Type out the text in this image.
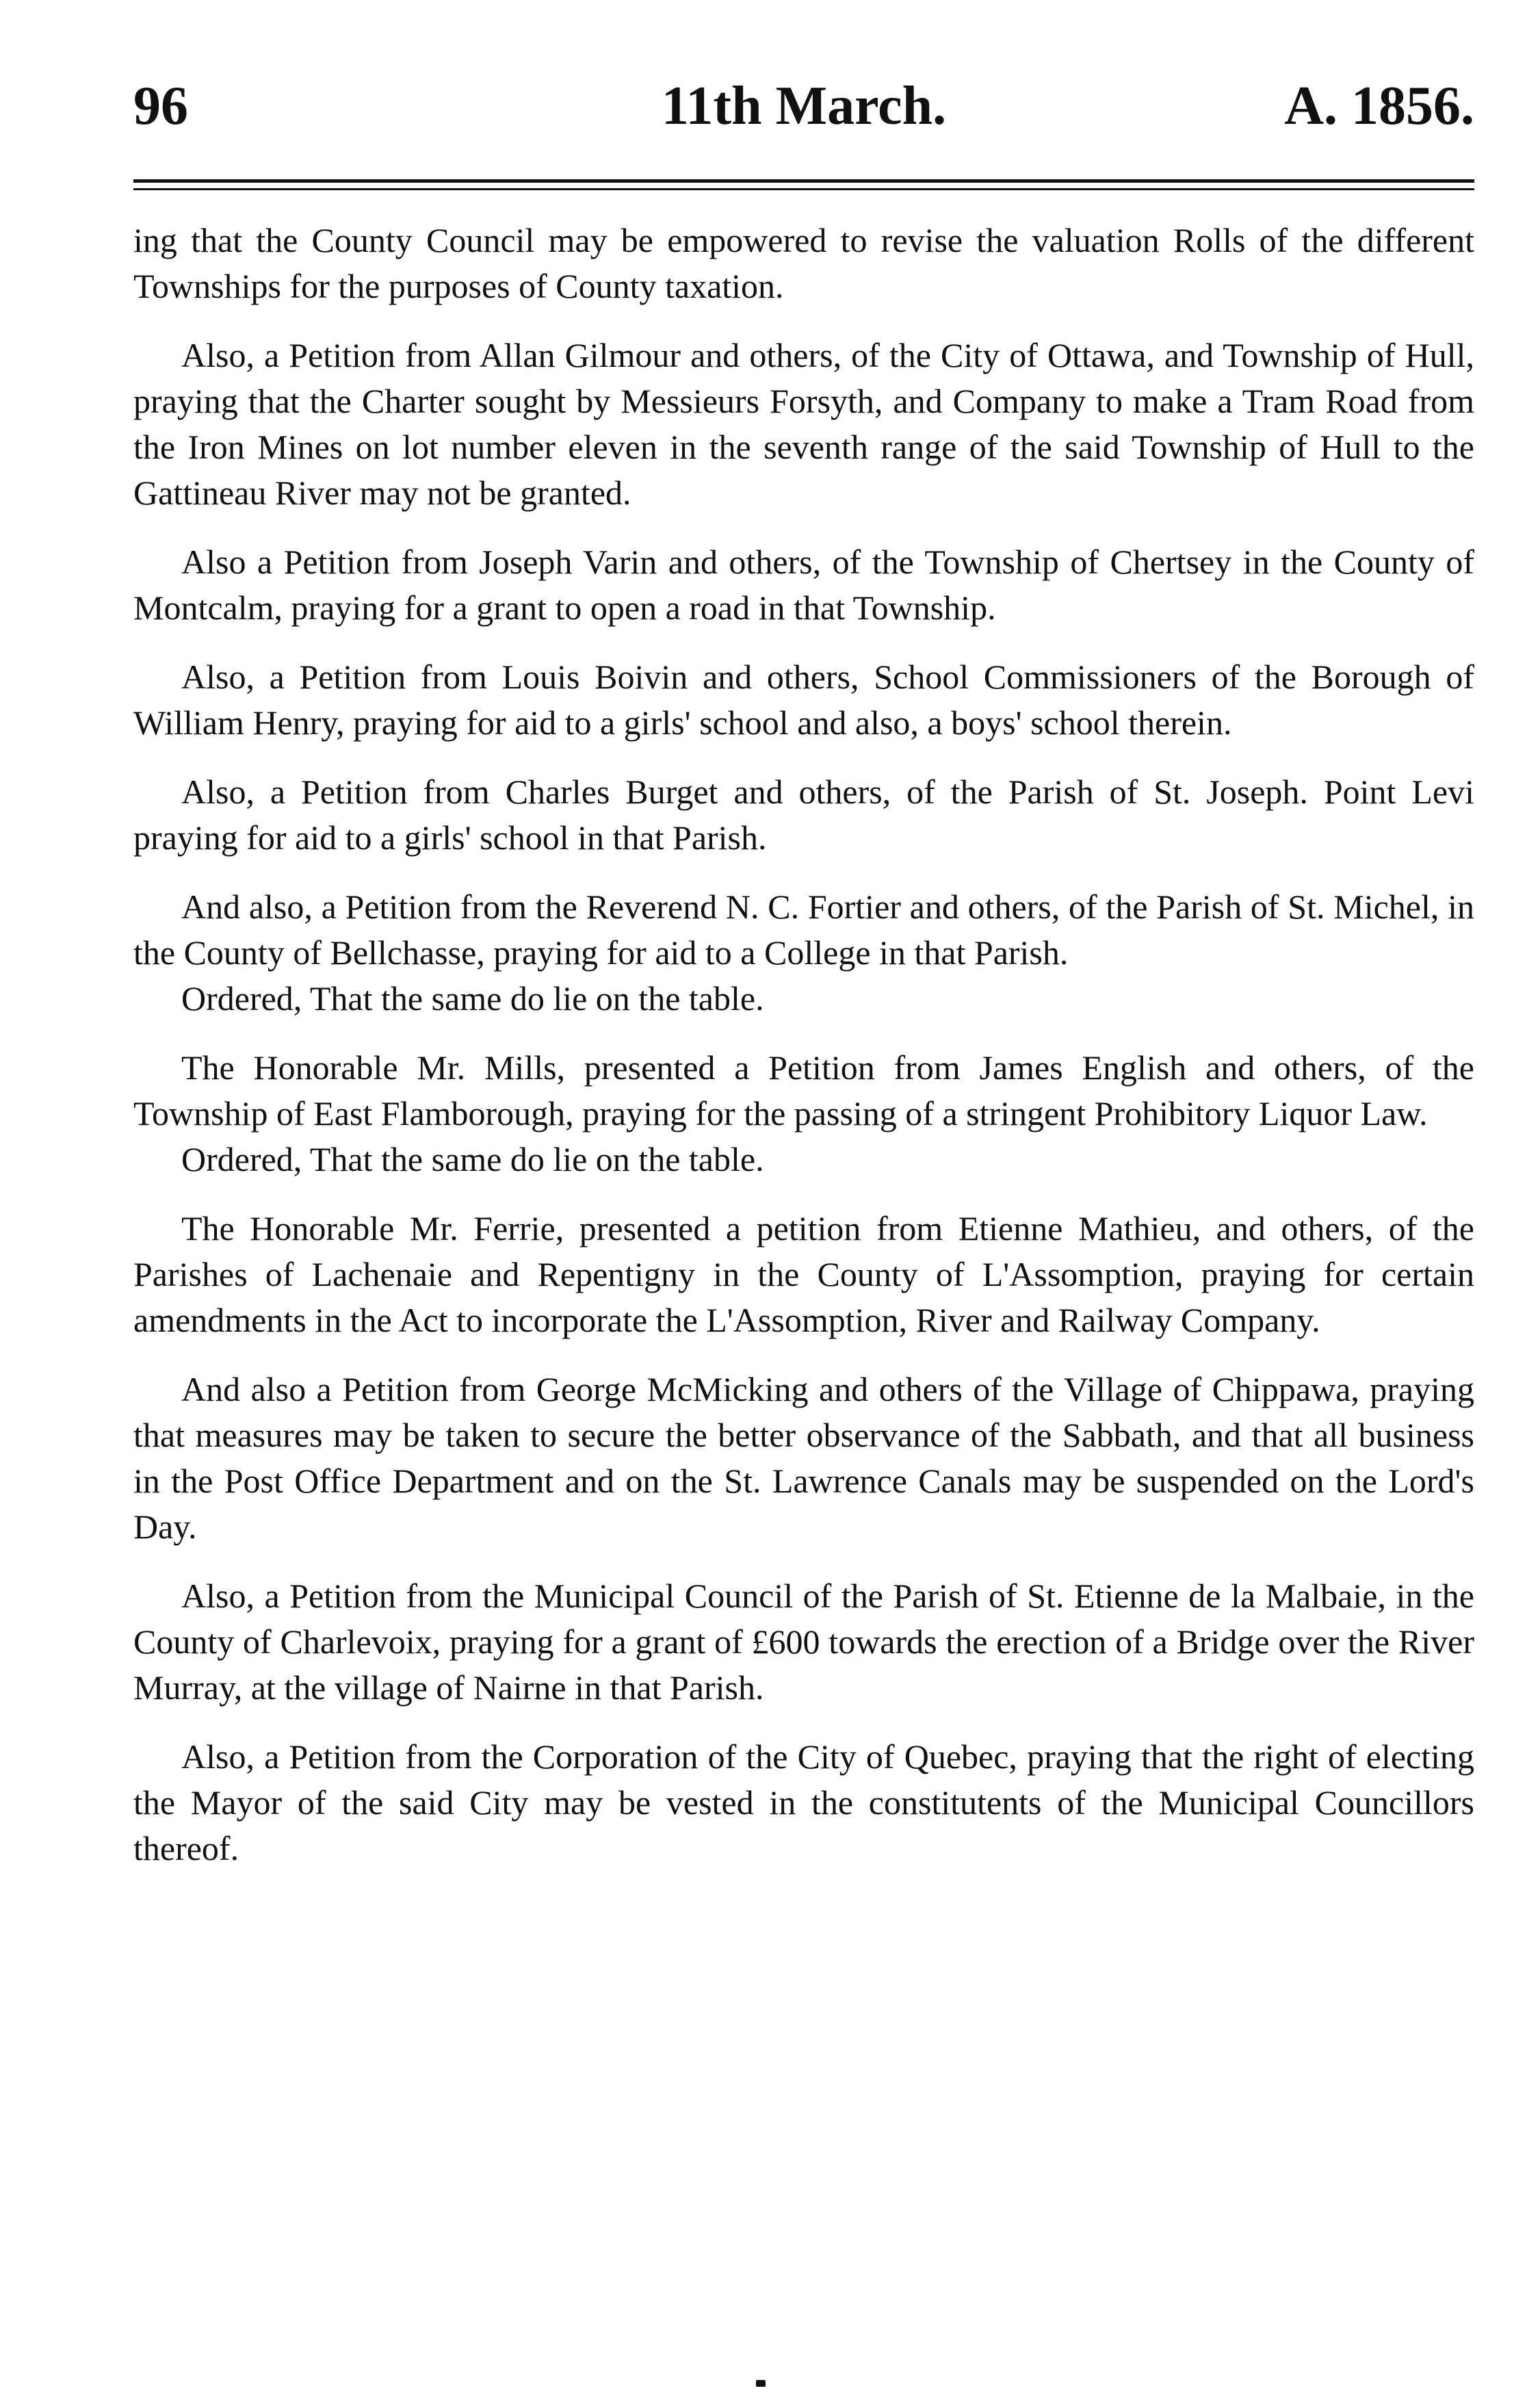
96	11th March.	A. 1856.

ing that the County Council may be empowered to revise the valuation Rolls of the different Townships for the purposes of County taxation.

Also, a Petition from Allan Gilmour and others, of the City of Ottawa, and Township of Hull, praying that the Charter sought by Messieurs Forsyth, and Company to make a Tram Road from the Iron Mines on lot number eleven in the seventh range of the said Township of Hull to the Gattineau River may not be granted.

Also a Petition from Joseph Varin and others, of the Township of Chertsey in the County of Montcalm, praying for a grant to open a road in that Township.

Also, a Petition from Louis Boivin and others, School Commissioners of the Borough of William Henry, praying for aid to a girls' school and also, a boys' school therein.

Also, a Petition from Charles Burget and others, of the Parish of St. Joseph. Point Levi praying for aid to a girls' school in that Parish.

And also, a Petition from the Reverend N. C. Fortier and others, of the Parish of St. Michel, in the County of Bellchasse, praying for aid to a College in that Parish.

Ordered, That the same do lie on the table.

The Honorable Mr. Mills, presented a Petition from James English and others, of the Township of East Flamborough, praying for the passing of a stringent Prohibitory Liquor Law.

Ordered, That the same do lie on the table.

The Honorable Mr. Ferrie, presented a petition from Etienne Mathieu, and others, of the Parishes of Lachenaie and Repentigny in the County of L'Assomption, praying for certain amendments in the Act to incorporate the L'Assomption, River and Railway Company.

And also a Petition from George McMicking and others of the Village of Chippawa, praying that measures may be taken to secure the better observance of the Sabbath, and that all business in the Post Office Department and on the St. Lawrence Canals may be suspended on the Lord's Day.

Also, a Petition from the Municipal Council of the Parish of St. Etienne de la Malbaie, in the County of Charlevoix, praying for a grant of £600 towards the erection of a Bridge over the River Murray, at the village of Nairne in that Parish.

Also, a Petition from the Corporation of the City of Quebec, praying that the right of electing the Mayor of the said City may be vested in the constitutents of the Municipal Councillors thereof.
